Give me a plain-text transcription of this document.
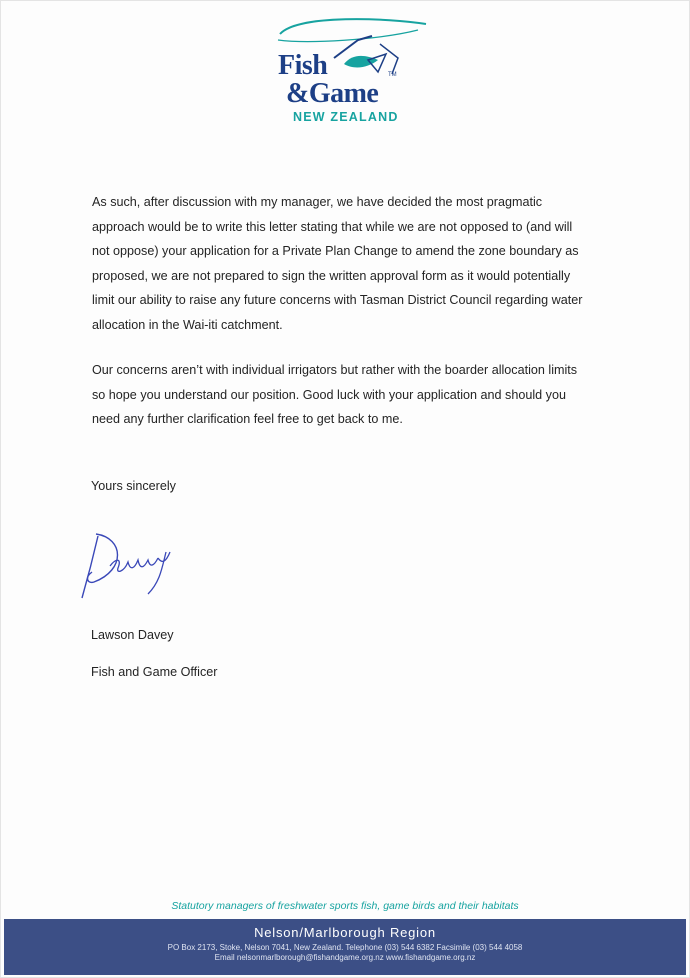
Fish
&Game
TM
NEW ZEALAND
As such, after discussion with my manager, we have decided the most pragmatic approach would be to write this letter stating that while we are not opposed to (and will not oppose) your application for a Private Plan Change to amend the zone boundary as proposed, we are not prepared to sign the written approval form as it would potentially limit our ability to raise any future concerns with Tasman District Council regarding water allocation in the Wai-iti catchment.
Our concerns aren’t with individual irrigators but rather with the boarder allocation limits so hope you understand our position. Good luck with your application and should you need any further clarification feel free to get back to me.
Yours sincerely
Lawson Davey
Fish and Game Officer
Statutory managers of freshwater sports fish, game birds and their habitats
Nelson/Marlborough Region
PO Box 2173, Stoke, Nelson 7041, New Zealand. Telephone (03) 544 6382 Facsimile (03) 544 4058
Email nelsonmarlborough@fishandgame.org.nz www.fishandgame.org.nz
